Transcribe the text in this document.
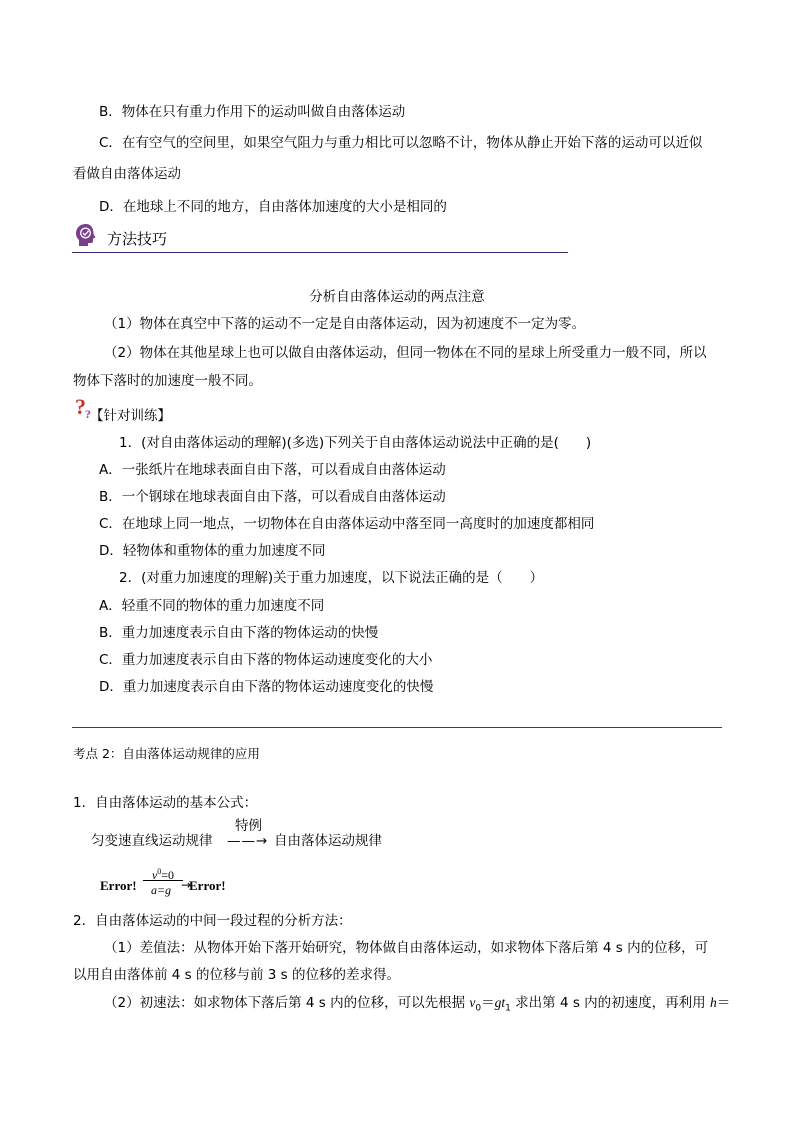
B．物体在只有重力作用下的运动叫做自由落体运动
C．在有空气的空间里，如果空气阻力与重力相比可以忽略不计，物体从静止开始下落的运动可以近似
看做自由落体运动
D．在地球上不同的地方，自由落体加速度的大小是相同的
方法技巧
分析自由落体运动的两点注意
（1）物体在真空中下落的运动不一定是自由落体运动，因为初速度不一定为零。
（2）物体在其他星球上也可以做自由落体运动，但同一物体在不同的星球上所受重力一般不同，所以
物体下落时的加速度一般不同。
? ? 【针对训练】
1．(对自由落体运动的理解)(多选)下列关于自由落体运动说法中正确的是(　　)
A．一张纸片在地球表面自由下落，可以看成自由落体运动
B．一个钢球在地球表面自由下落，可以看成自由落体运动
C．在地球上同一地点，一切物体在自由落体运动中落至同一高度时的加速度都相同
D．轻物体和重物体的重力加速度不同
2．(对重力加速度的理解)关于重力加速度，以下说法正确的是（　　）
A．轻重不同的物体的重力加速度不同
B．重力加速度表示自由下落的物体运动的快慢
C．重力加速度表示自由下落的物体运动速度变化的大小
D．重力加速度表示自由下落的物体运动速度变化的快慢
考点 2：自由落体运动规律的应用
1．自由落体运动的基本公式：
特例
匀变速直线运动规律 ——→ 自由落体运动规律
Error!
$v^0=0$
a=g →
Error!
2．自由落体运动的中间一段过程的分析方法：
（1）差值法：从物体开始下落开始研究，物体做自由落体运动，如求物体下落后第 4 s 内的位移，可
以用自由落体前 4 s 的位移与前 3 s 的位移的差求得。
（2）初速法：如求物体下落后第 4 s 内的位移，可以先根据 $v_0=gt_1$ 求出第 4 s 内的初速度，再利用 h＝
